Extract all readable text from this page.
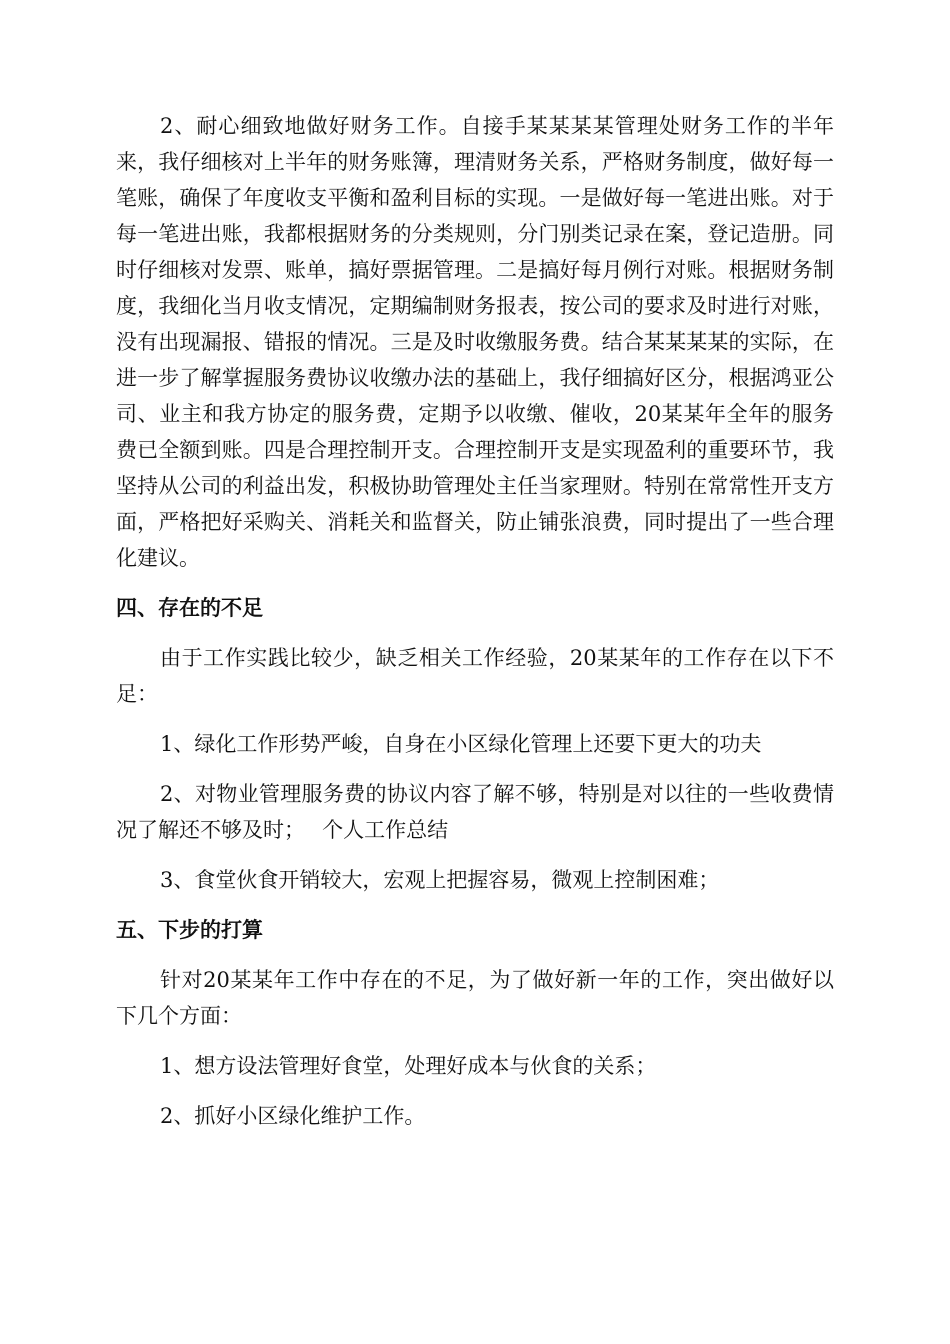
2、耐心细致地做好财务工作。自接手某某某某管理处财务工作的半年来，我仔细核对上半年的财务账簿，理清财务关系，严格财务制度，做好每一笔账，确保了年度收支平衡和盈利目标的实现。一是做好每一笔进出账。对于每一笔进出账，我都根据财务的分类规则，分门别类记录在案，登记造册。同时仔细核对发票、账单，搞好票据管理。二是搞好每月例行对账。根据财务制度，我细化当月收支情况，定期编制财务报表，按公司的要求及时进行对账，没有出现漏报、错报的情况。三是及时收缴服务费。结合某某某某的实际，在进一步了解掌握服务费协议收缴办法的基础上，我仔细搞好区分，根据鸿亚公司、业主和我方协定的服务费，定期予以收缴、催收，20某某年全年的服务费已全额到账。四是合理控制开支。合理控制开支是实现盈利的重要环节，我坚持从公司的利益出发，积极协助管理处主任当家理财。特别在常常性开支方面，严格把好采购关、消耗关和监督关，防止铺张浪费，同时提出了一些合理化建议。

四、存在的不足

由于工作实践比较少，缺乏相关工作经验，20某某年的工作存在以下不足：

1、绿化工作形势严峻，自身在小区绿化管理上还要下更大的功夫

2、对物业管理服务费的协议内容了解不够，特别是对以往的一些收费情况了解还不够及时；　 个人工作总结

3、食堂伙食开销较大，宏观上把握容易，微观上控制困难；

五、下步的打算

针对20某某年工作中存在的不足，为了做好新一年的工作，突出做好以下几个方面：

1、想方设法管理好食堂，处理好成本与伙食的关系；

2、抓好小区绿化维护工作。
